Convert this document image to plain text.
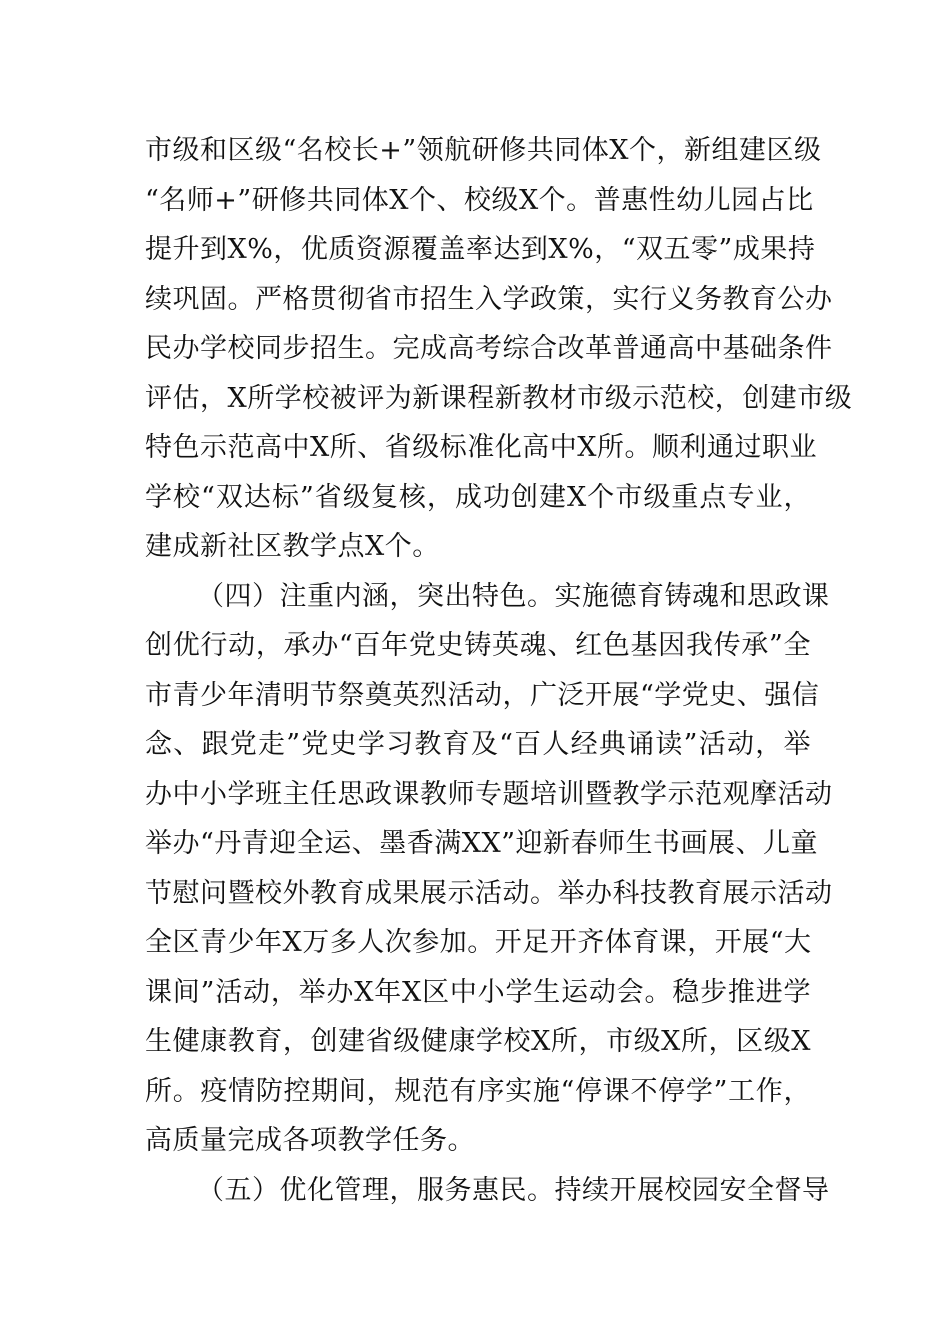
市级和区级“名校长+”领航研修共同体X个，新组建区级
“名师+”研修共同体X个、校级X个。普惠性幼儿园占比
提升到X%，优质资源覆盖率达到X%，“双五零”成果持
续巩固。严格贯彻省市招生入学政策，实行义务教育公办
民办学校同步招生。完成高考综合改革普通高中基础条件
评估，X所学校被评为新课程新教材市级示范校，创建市级
特色示范高中X所、省级标准化高中X所。顺利通过职业
学校“双达标”省级复核，成功创建X个市级重点专业，
建成新社区教学点X个。
（四）注重内涵，突出特色。实施德育铸魂和思政课
创优行动，承办“百年党史铸英魂、红色基因我传承”全
市青少年清明节祭奠英烈活动，广泛开展“学党史、强信
念、跟党走”党史学习教育及“百人经典诵读”活动，举
办中小学班主任思政课教师专题培训暨教学示范观摩活动
举办“丹青迎全运、墨香满XX”迎新春师生书画展、儿童
节慰问暨校外教育成果展示活动。举办科技教育展示活动
全区青少年X万多人次参加。开足开齐体育课，开展“大
课间”活动，举办X年X区中小学生运动会。稳步推进学
生健康教育，创建省级健康学校X所，市级X所，区级X
所。疫情防控期间，规范有序实施“停课不停学”工作，
高质量完成各项教学任务。
（五）优化管理，服务惠民。持续开展校园安全督导
